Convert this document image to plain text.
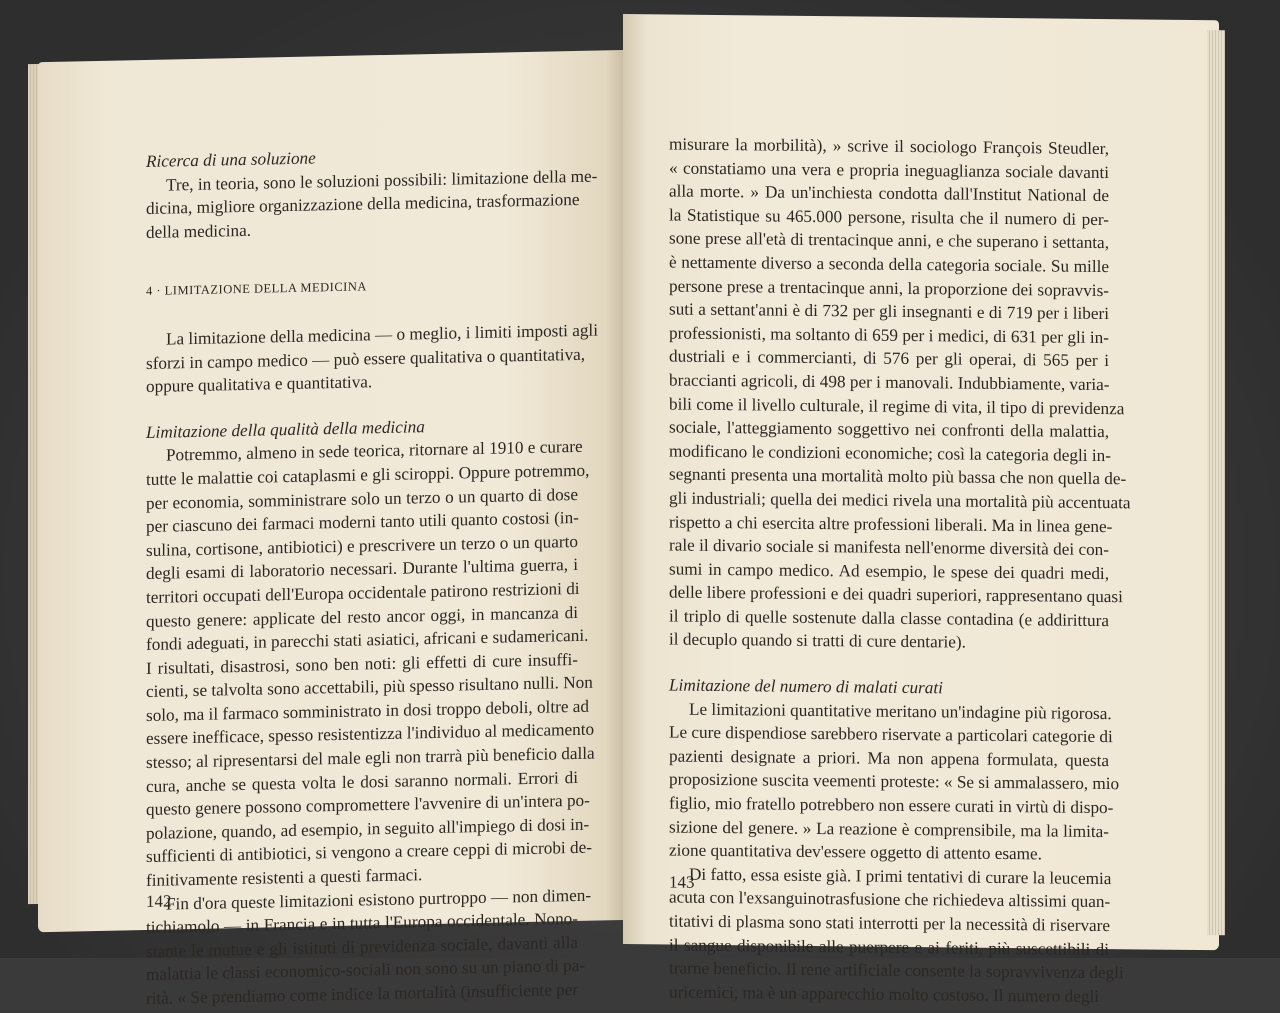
Ricerca di una soluzione
Tre, in teoria, sono le soluzioni possibili: limitazione della me-
dicina, migliore organizzazione della medicina, trasformazione
della medicina.
4 · LIMITAZIONE DELLA MEDICINA
La limitazione della medicina — o meglio, i limiti imposti agli
sforzi in campo medico — può essere qualitativa o quantitativa,
oppure qualitativa e quantitativa.
Limitazione della qualità della medicina
Potremmo, almeno in sede teorica, ritornare al 1910 e curare
tutte le malattie coi cataplasmi e gli sciroppi. Oppure potremmo,
per economia, somministrare solo un terzo o un quarto di dose
per ciascuno dei farmaci moderni tanto utili quanto costosi (in-
sulina, cortisone, antibiotici) e prescrivere un terzo o un quarto
degli esami di laboratorio necessari. Durante l'ultima guerra, i
territori occupati dell'Europa occidentale patirono restrizioni di
questo genere: applicate del resto ancor oggi, in mancanza di
fondi adeguati, in parecchi stati asiatici, africani e sudamericani.
I risultati, disastrosi, sono ben noti: gli effetti di cure insuffi-
cienti, se talvolta sono accettabili, più spesso risultano nulli. Non
solo, ma il farmaco somministrato in dosi troppo deboli, oltre ad
essere inefficace, spesso resistentizza l'individuo al medicamento
stesso; al ripresentarsi del male egli non trarrà più beneficio dalla
cura, anche se questa volta le dosi saranno normali. Errori di
questo genere possono compromettere l'avvenire di un'intera po-
polazione, quando, ad esempio, in seguito all'impiego di dosi in-
sufficienti di antibiotici, si vengono a creare ceppi di microbi de-
finitivamente resistenti a questi farmaci.
Fin d'ora queste limitazioni esistono purtroppo — non dimen-
tichiamolo — in Francia e in tutta l'Europa occidentale. Nono-
stante le mutue e gli istituti di previdenza sociale, davanti alla
malattia le classi economico-sociali non sono su un piano di pa-
rità. « Se prendiamo come indice la mortalità (insufficiente per
142
misurare la morbilità), » scrive il sociologo François Steudler,
« constatiamo una vera e propria ineguaglianza sociale davanti
alla morte. » Da un'inchiesta condotta dall'Institut National de
la Statistique su 465.000 persone, risulta che il numero di per-
sone prese all'età di trentacinque anni, e che superano i settanta,
è nettamente diverso a seconda della categoria sociale. Su mille
persone prese a trentacinque anni, la proporzione dei sopravvis-
suti a settant'anni è di 732 per gli insegnanti e di 719 per i liberi
professionisti, ma soltanto di 659 per i medici, di 631 per gli in-
dustriali e i commercianti, di 576 per gli operai, di 565 per i
braccianti agricoli, di 498 per i manovali. Indubbiamente, varia-
bili come il livello culturale, il regime di vita, il tipo di previdenza
sociale, l'atteggiamento soggettivo nei confronti della malattia,
modificano le condizioni economiche; così la categoria degli in-
segnanti presenta una mortalità molto più bassa che non quella de-
gli industriali; quella dei medici rivela una mortalità più accentuata
rispetto a chi esercita altre professioni liberali. Ma in linea gene-
rale il divario sociale si manifesta nell'enorme diversità dei con-
sumi in campo medico. Ad esempio, le spese dei quadri medi,
delle libere professioni e dei quadri superiori, rappresentano quasi
il triplo di quelle sostenute dalla classe contadina (e addirittura
il decuplo quando si tratti di cure dentarie).
Limitazione del numero di malati curati
Le limitazioni quantitative meritano un'indagine più rigorosa.
Le cure dispendiose sarebbero riservate a particolari categorie di
pazienti designate a priori. Ma non appena formulata, questa
proposizione suscita veementi proteste: « Se si ammalassero, mio
figlio, mio fratello potrebbero non essere curati in virtù di dispo-
sizione del genere. » La reazione è comprensibile, ma la limita-
zione quantitativa dev'essere oggetto di attento esame.
Di fatto, essa esiste già. I primi tentativi di curare la leucemia
acuta con l'exsanguinotrasfusione che richiedeva altissimi quan-
titativi di plasma sono stati interrotti per la necessità di riservare
il sangue disponibile alle puerpere e ai feriti, più suscettibili di
trarne beneficio. Il rene artificiale consente la sopravvivenza degli
uricemici, ma è un apparecchio molto costoso. Il numero degli
143
